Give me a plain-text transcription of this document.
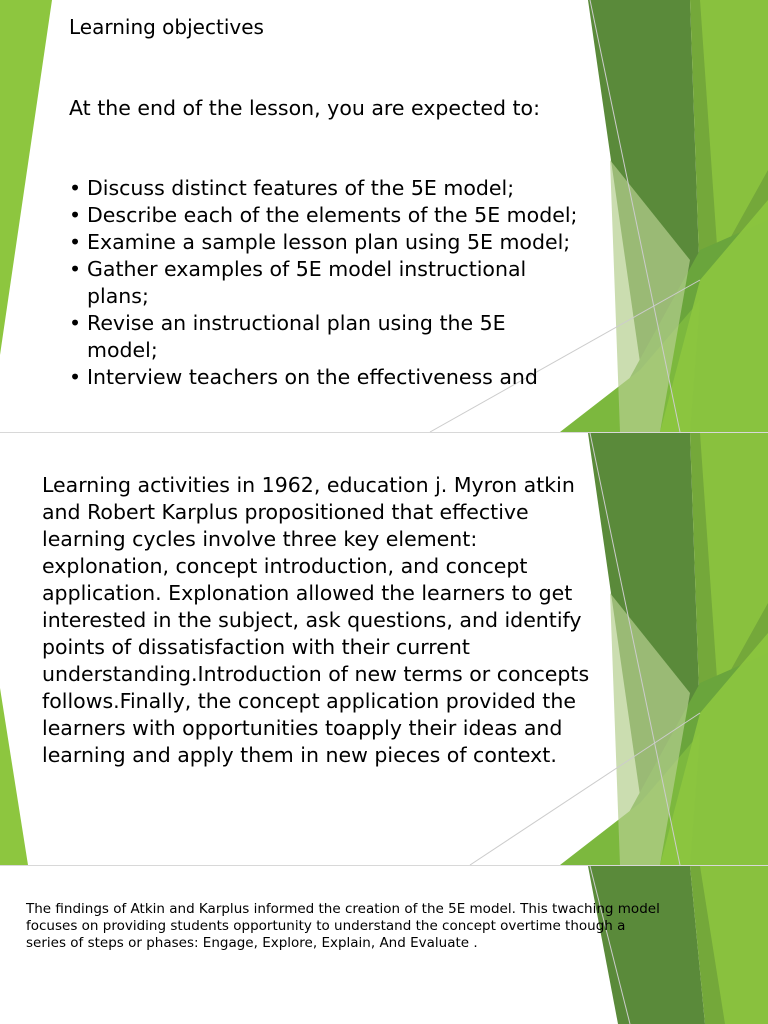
Learning objectives
At the end of the lesson, you are expected to:
• Discuss distinct features of the 5E model;
• Describe each of the elements of the 5E model;
• Examine a sample lesson plan using 5E model;
• Gather examples of 5E model instructional plans;
• Revise an instructional plan using the 5E model;
• Interview teachers on the effectiveness and
Learning activities in 1962, education j. Myron atkin and Robert Karplus propositioned that effective learning cycles involve three key element: explonation, concept introduction, and concept application. Explonation allowed the learners to get interested in the subject, ask questions, and identify points of dissatisfaction with their current understanding.Introduction of new terms or concepts follows.Finally, the concept application provided the learners with opportunities toapply their ideas and learning and apply them in new pieces of context.
The findings of Atkin and Karplus informed the creation of the 5E model. This twaching model focuses on providing students opportunity to understand the concept overtime though a series of steps or phases: Engage, Explore, Explain, And Evaluate .
